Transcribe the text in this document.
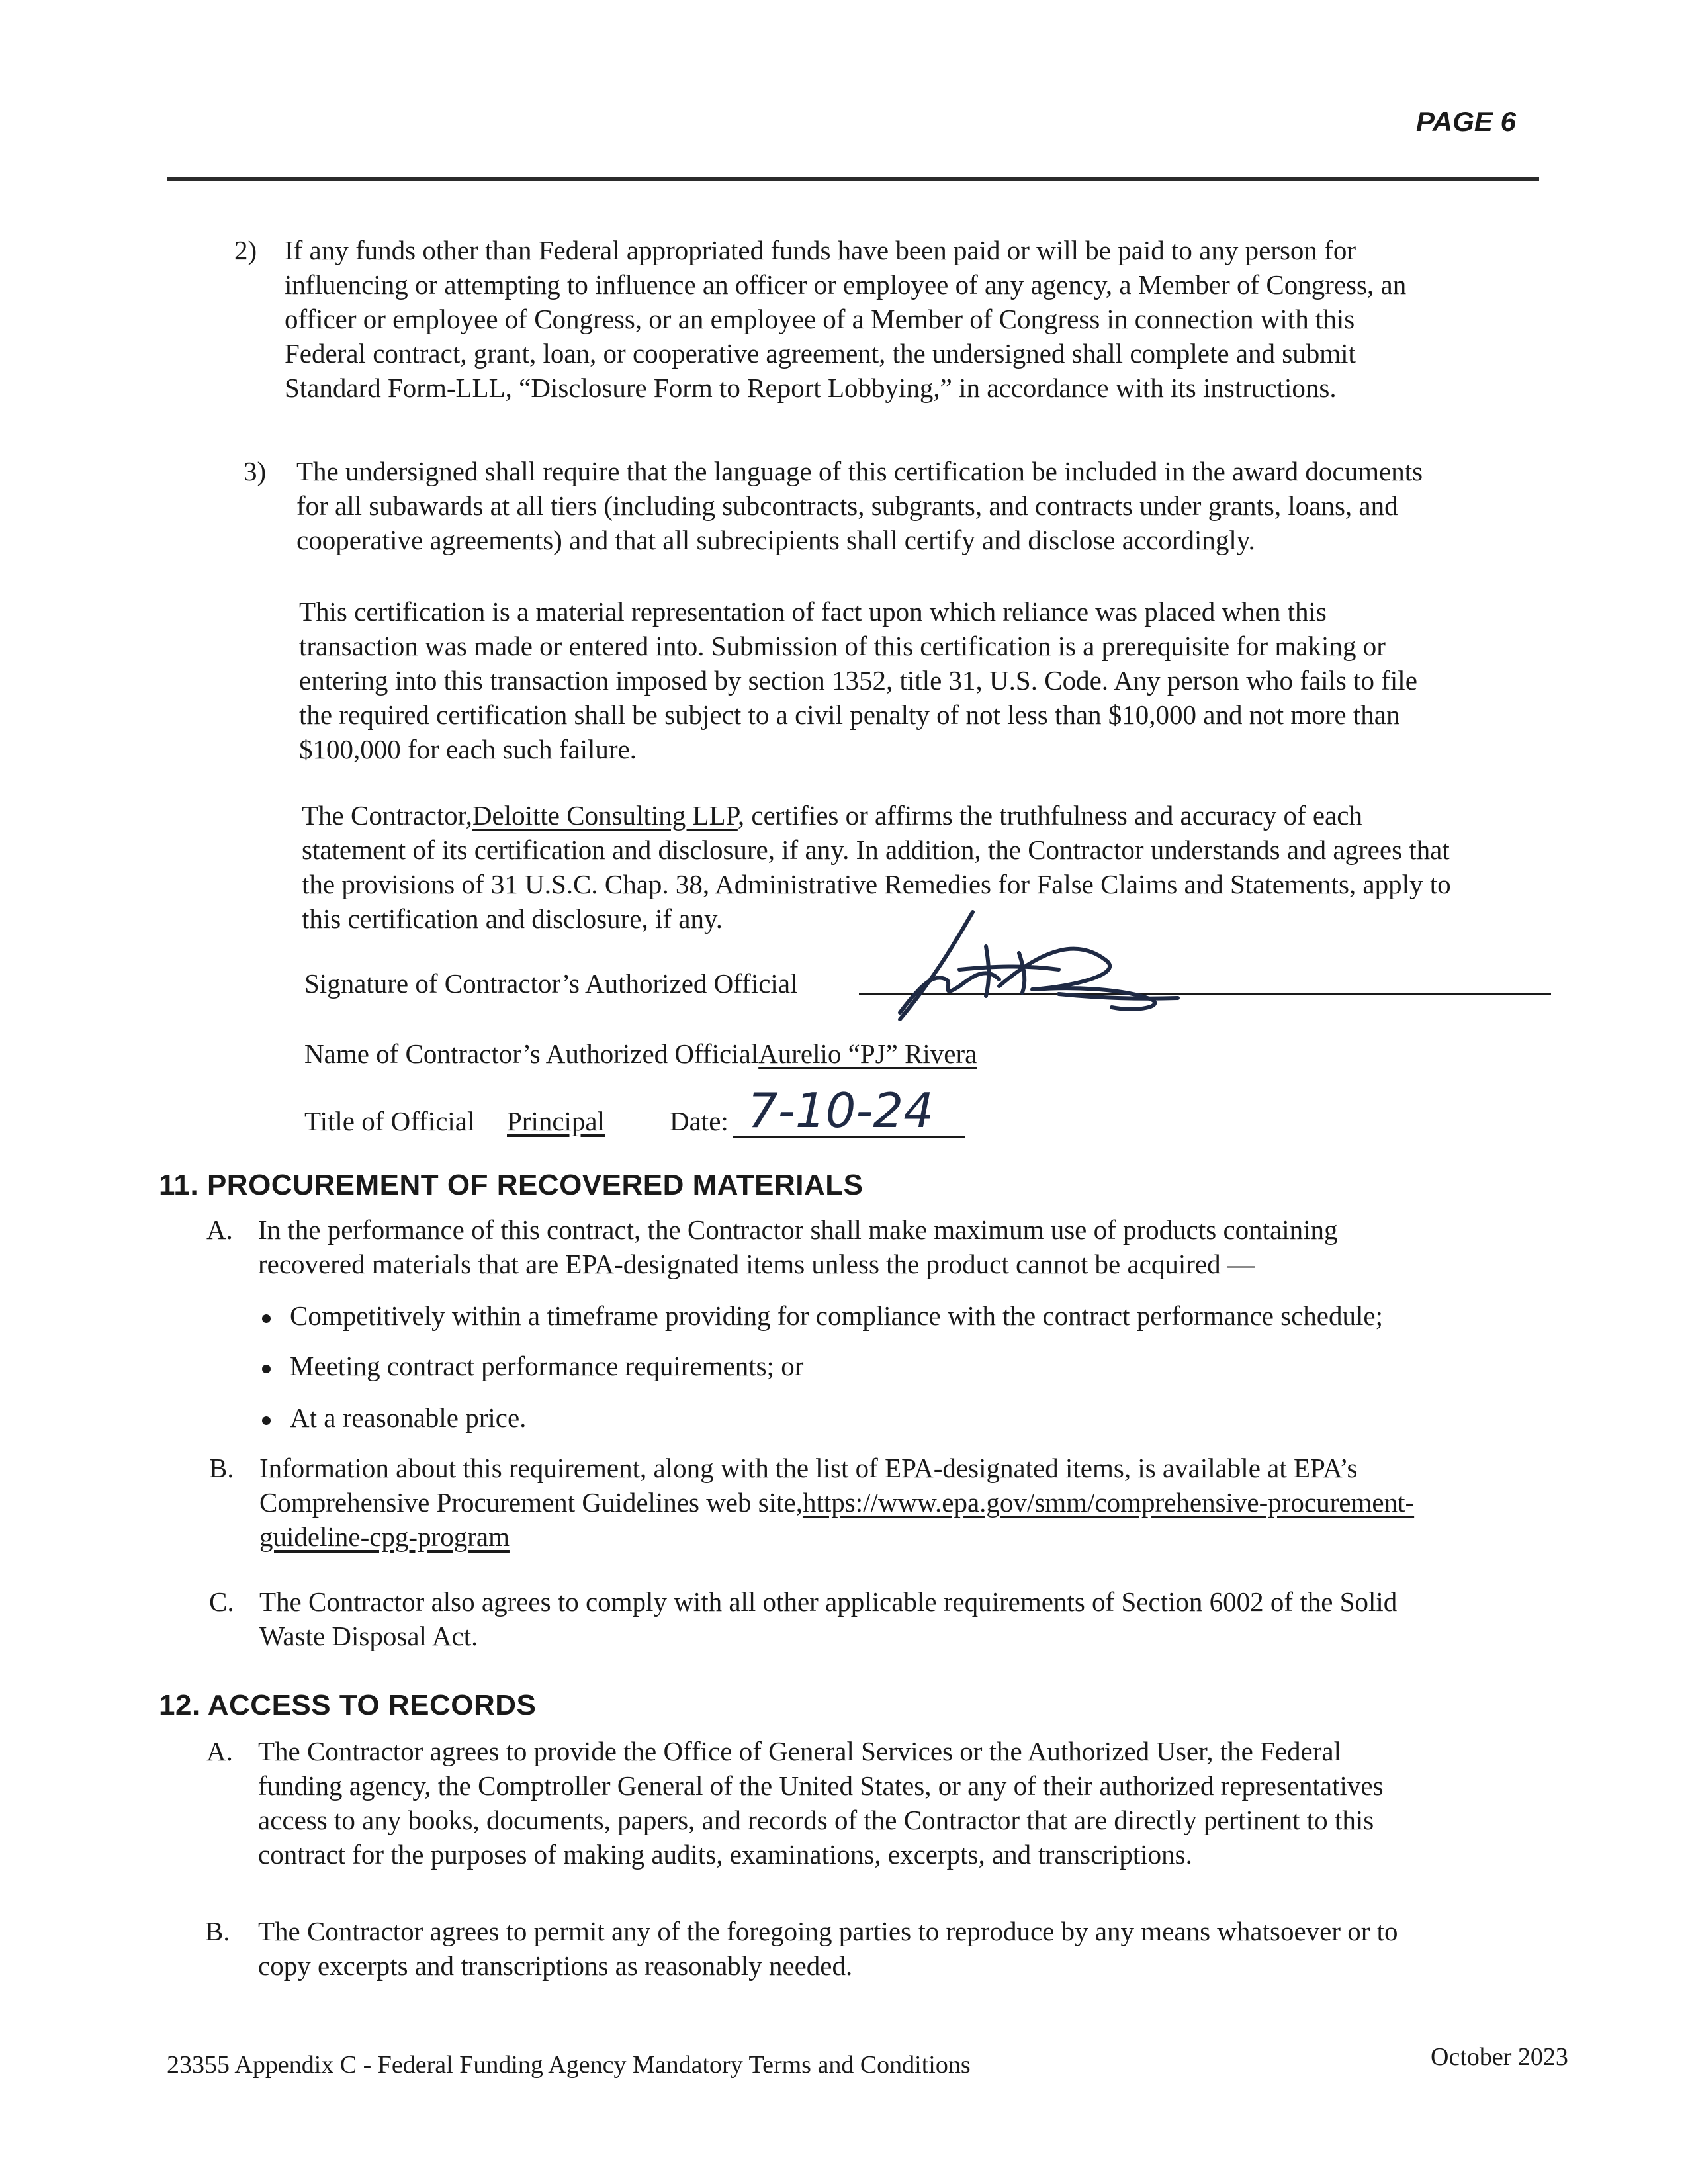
PAGE 6
2) If any funds other than Federal appropriated funds have been paid or will be paid to any person for

influencing or attempting to influence an officer or employee of any agency, a Member of Congress, an

officer or employee of Congress, or an employee of a Member of Congress in connection with this

Federal contract, grant, loan, or cooperative agreement, the undersigned shall complete and submit

Standard Form-LLL, “Disclosure Form to Report Lobbying,” in accordance with its instructions.

3) The undersigned shall require that the language of this certification be included in the award documents

for all subawards at all tiers (including subcontracts, subgrants, and contracts under grants, loans, and

cooperative agreements) and that all subrecipients shall certify and disclose accordingly.

This certification is a material representation of fact upon which reliance was placed when this

transaction was made or entered into. Submission of this certification is a prerequisite for making or

entering into this transaction imposed by section 1352, title 31, U.S. Code. Any person who fails to file

the required certification shall be subject to a civil penalty of not less than $10,000 and not more than

$100,000 for each such failure.

The Contractor,Deloitte Consulting LLP, certifies or affirms the truthfulness and accuracy of each

statement of its certification and disclosure, if any. In addition, the Contractor understands and agrees that

the provisions of 31 U.S.C. Chap. 38, Administrative Remedies for False Claims and Statements, apply to

this certification and disclosure, if any.

Signature of Contractor’s Authorized Official
Name of Contractor’s Authorized OfficialAurelio “PJ” Rivera
Title of Official Principal Date: 7-10-24
11. PROCUREMENT OF RECOVERED MATERIALS
A. In the performance of this contract, the Contractor shall make maximum use of products containing

recovered materials that are EPA-designated items unless the product cannot be acquired —

Competitively within a timeframe providing for compliance with the contract performance schedule;
Meeting contract performance requirements; or
At a reasonable price.
B. Information about this requirement, along with the list of EPA-designated items, is available at EPA’s

Comprehensive Procurement Guidelines web site,https://www.epa.gov/smm/comprehensive-procurement-

guideline-cpg-program

C. The Contractor also agrees to comply with all other applicable requirements of Section 6002 of the Solid

Waste Disposal Act.

12. ACCESS TO RECORDS
A. The Contractor agrees to provide the Office of General Services or the Authorized User, the Federal

funding agency, the Comptroller General of the United States, or any of their authorized representatives

access to any books, documents, papers, and records of the Contractor that are directly pertinent to this

contract for the purposes of making audits, examinations, excerpts, and transcriptions.

B. The Contractor agrees to permit any of the foregoing parties to reproduce by any means whatsoever or to

copy excerpts and transcriptions as reasonably needed.

23355 Appendix C - Federal Funding Agency Mandatory Terms and Conditions	October 2023
